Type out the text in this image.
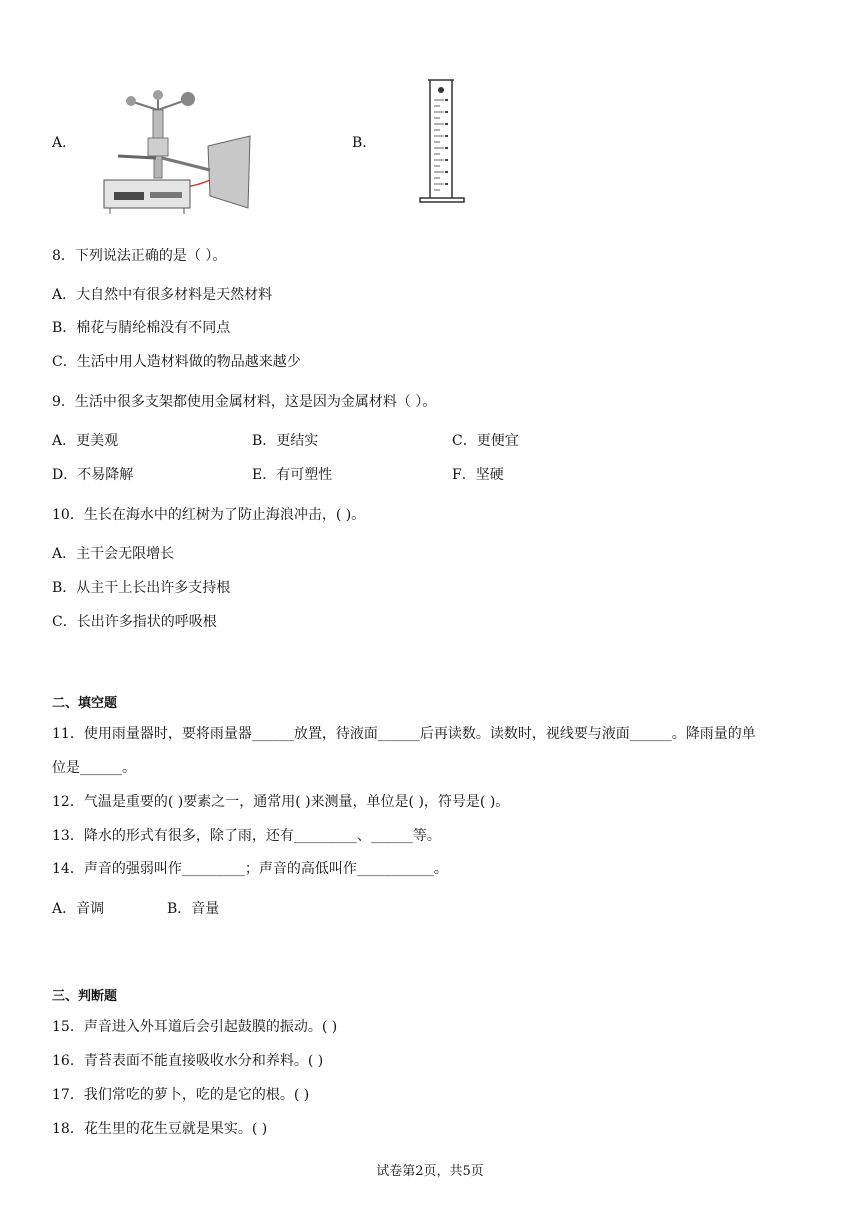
A．	B．
8．下列说法正确的是（ ）。
A．大自然中有很多材料是天然材料
B．棉花与腈纶棉没有不同点
C．生活中用人造材料做的物品越来越少
9．生活中很多支架都使用金属材料，这是因为金属材料（ ）。
A．更美观	B．更结实	C．更便宜
D．不易降解	E．有可塑性	F．坚硬
10．生长在海水中的红树为了防止海浪冲击，( )。
A．主干会无限增长
B．从主干上长出许多支持根
C．长出许多指状的呼吸根
二、填空题
11．使用雨量器时，要将雨量器______放置，待液面______后再读数。读数时，视线要与液面______。降雨量的单
位是______。
12．气温是重要的( )要素之一，通常用( )来测量，单位是( )，符号是( )。
13．降水的形式有很多，除了雨，还有_________、______等。
14．声音的强弱叫作_________；声音的高低叫作___________。
A．音调	B．音量
三、判断题
15．声音进入外耳道后会引起鼓膜的振动。( )
16．青苔表面不能直接吸收水分和养料。( )
17．我们常吃的萝卜，吃的是它的根。( )
18．花生里的花生豆就是果实。( )
试卷第2页，共5页
